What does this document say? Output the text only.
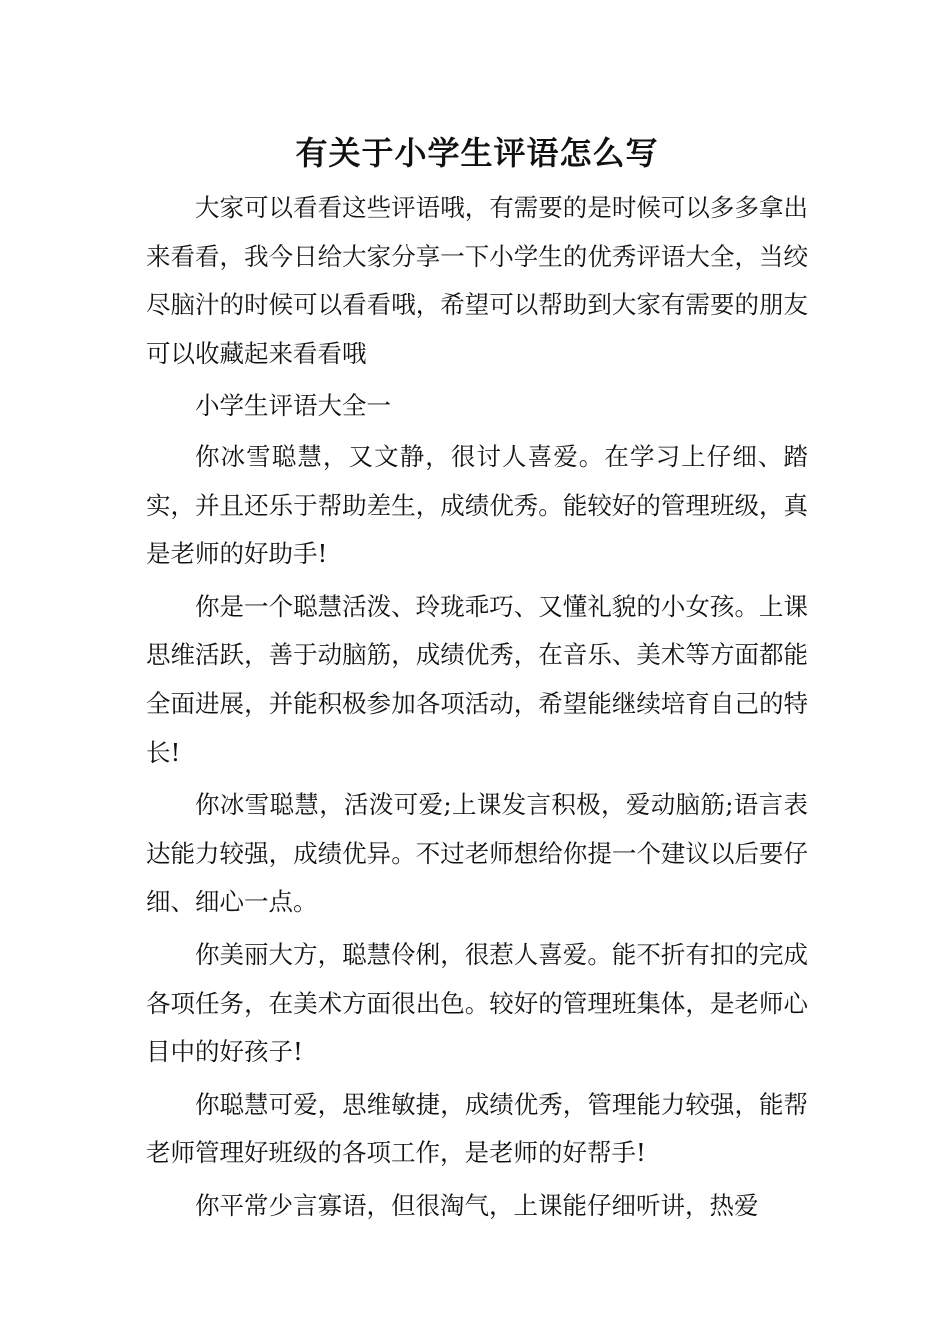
有关于小学生评语怎么写

大家可以看看这些评语哦，有需要的是时候可以多多拿出来看看，我今日给大家分享一下小学生的优秀评语大全，当绞尽脑汁的时候可以看看哦，希望可以帮助到大家有需要的朋友可以收藏起来看看哦

小学生评语大全一

你冰雪聪慧，又文静，很讨人喜爱。在学习上仔细、踏实，并且还乐于帮助差生，成绩优秀。能较好的管理班级，真是老师的好助手!

你是一个聪慧活泼、玲珑乖巧、又懂礼貌的小女孩。上课思维活跃，善于动脑筋，成绩优秀，在音乐、美术等方面都能全面进展，并能积极参加各项活动，希望能继续培育自己的特长!

你冰雪聪慧，活泼可爱;上课发言积极，爱动脑筋;语言表达能力较强，成绩优异。不过老师想给你提一个建议以后要仔细、细心一点。

你美丽大方，聪慧伶俐，很惹人喜爱。能不折有扣的完成各项任务，在美术方面很出色。较好的管理班集体，是老师心目中的好孩子!

你聪慧可爱，思维敏捷，成绩优秀，管理能力较强，能帮老师管理好班级的各项工作，是老师的好帮手!

你平常少言寡语，但很淘气，上课能仔细听讲，热爱
